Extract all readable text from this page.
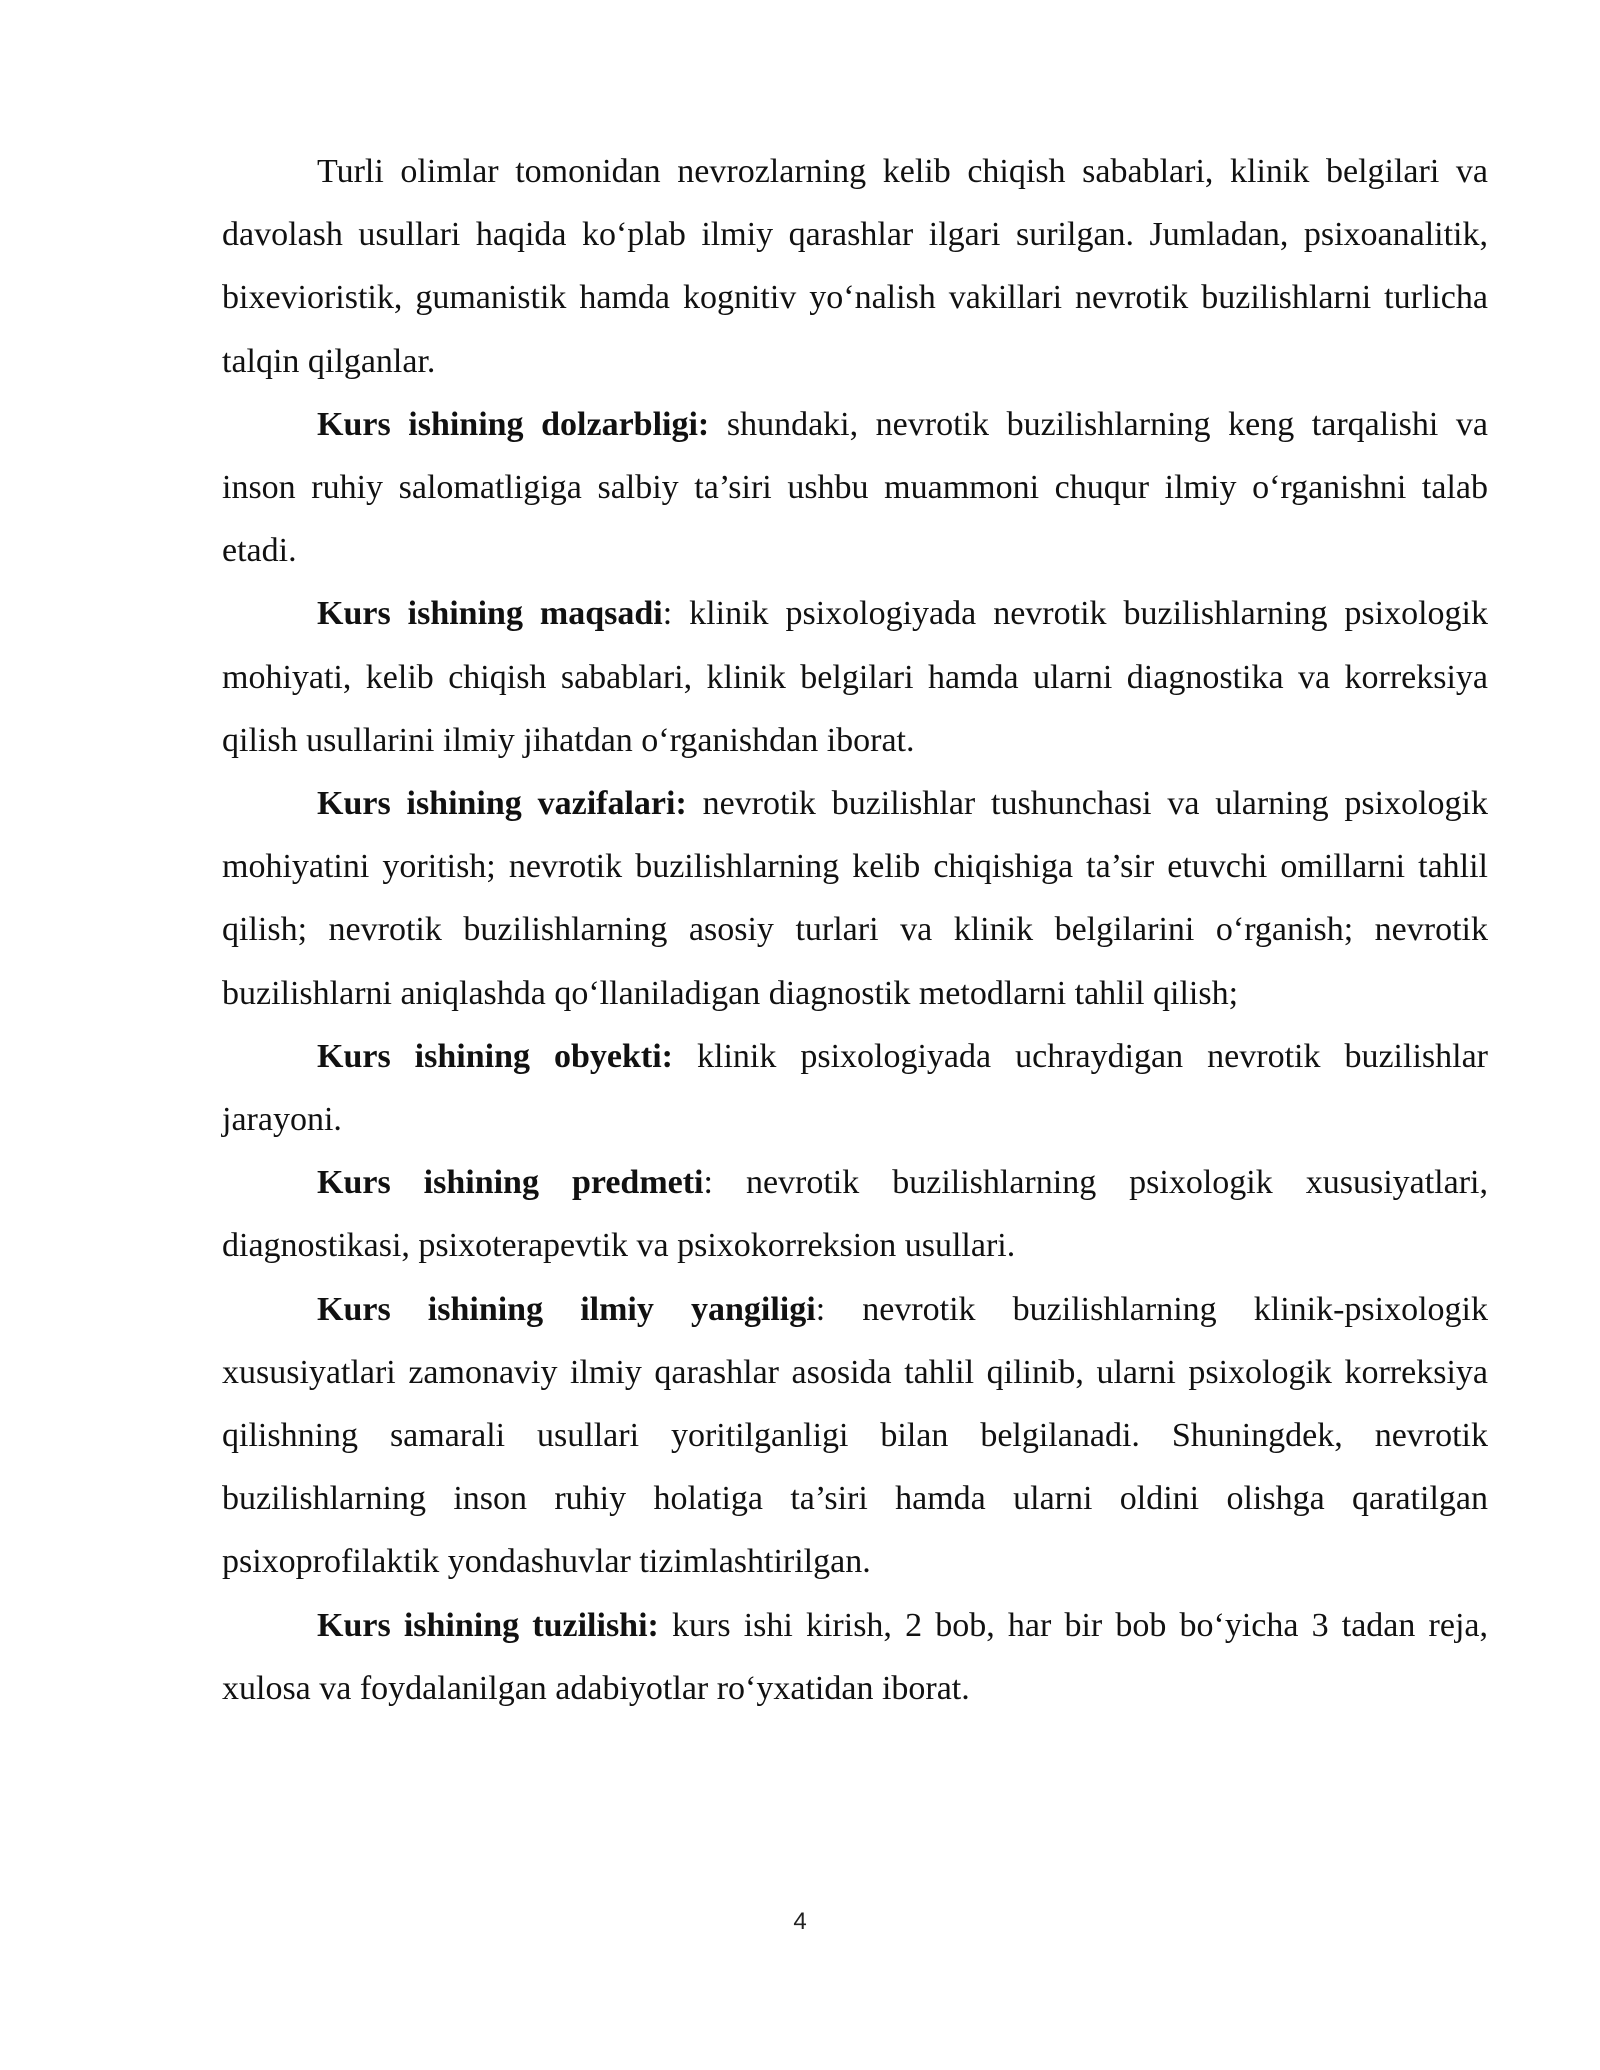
Turli olimlar tomonidan nevrozlarning kelib chiqish sabablari, klinik belgilari va davolash usullari haqida ko‘plab ilmiy qarashlar ilgari surilgan. Jumladan, psixoanalitik, bixevioristik, gumanistik hamda kognitiv yo‘nalish vakillari nevrotik buzilishlarni turlicha talqin qilganlar.

Kurs ishining dolzarbligi: shundaki, nevrotik buzilishlarning keng tarqalishi va inson ruhiy salomatligiga salbiy ta’siri ushbu muammoni chuqur ilmiy o‘rganishni talab etadi.

Kurs ishining maqsadi: klinik psixologiyada nevrotik buzilishlarning psixologik mohiyati, kelib chiqish sabablari, klinik belgilari hamda ularni diagnostika va korreksiya qilish usullarini ilmiy jihatdan o‘rganishdan iborat.

Kurs ishining vazifalari: nevrotik buzilishlar tushunchasi va ularning psixologik mohiyatini yoritish; nevrotik buzilishlarning kelib chiqishiga ta’sir etuvchi omillarni tahlil qilish; nevrotik buzilishlarning asosiy turlari va klinik belgilarini o‘rganish; nevrotik buzilishlarni aniqlashda qo‘llaniladigan diagnostik metodlarni tahlil qilish;

Kurs ishining obyekti: klinik psixologiyada uchraydigan nevrotik buzilishlar jarayoni.

Kurs ishining predmeti: nevrotik buzilishlarning psixologik xususiyatlari, diagnostikasi, psixoterapevtik va psixokorreksion usullari.

Kurs ishining ilmiy yangiligi: nevrotik buzilishlarning klinik-psixologik xususiyatlari zamonaviy ilmiy qarashlar asosida tahlil qilinib, ularni psixologik korreksiya qilishning samarali usullari yoritilganligi bilan belgilanadi. Shuningdek, nevrotik buzilishlarning inson ruhiy holatiga ta’siri hamda ularni oldini olishga qaratilgan psixoprofilaktik yondashuvlar tizimlashtirilgan.

Kurs ishining tuzilishi: kurs ishi kirish, 2 bob, har bir bob bo‘yicha 3 tadan reja, xulosa va foydalanilgan adabiyotlar ro‘yxatidan iborat.

4
